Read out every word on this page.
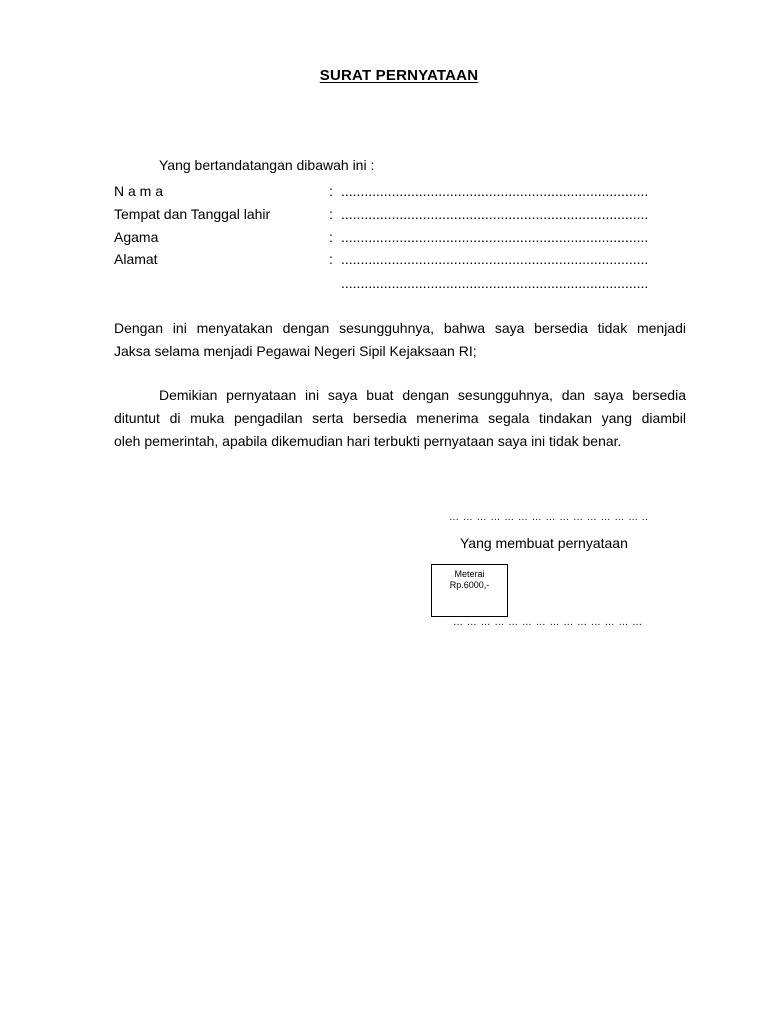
SURAT PERNYATAAN
Yang bertandatangan dibawah ini :
N a m a	: ...............................................................................
Tempat dan Tanggal lahir	: ...............................................................................
Agama	: ...............................................................................
Alamat	: ...............................................................................
...............................................................................
Dengan ini menyatakan dengan sesungguhnya, bahwa saya bersedia tidak menjadi
Jaksa selama menjadi Pegawai Negeri Sipil Kejaksaan RI;
Demikian pernyataan ini saya buat dengan sesungguhnya, dan saya bersedia
dituntut di muka pengadilan serta bersedia menerima segala tindakan yang diambil
oleh pemerintah, apabila dikemudian hari terbukti pernyataan saya ini tidak benar.
… … … … … … … … … … … … … … ..
Yang membuat pernyataan
Meterai
Rp.6000,-
… … … … … … … … … … … … … …
